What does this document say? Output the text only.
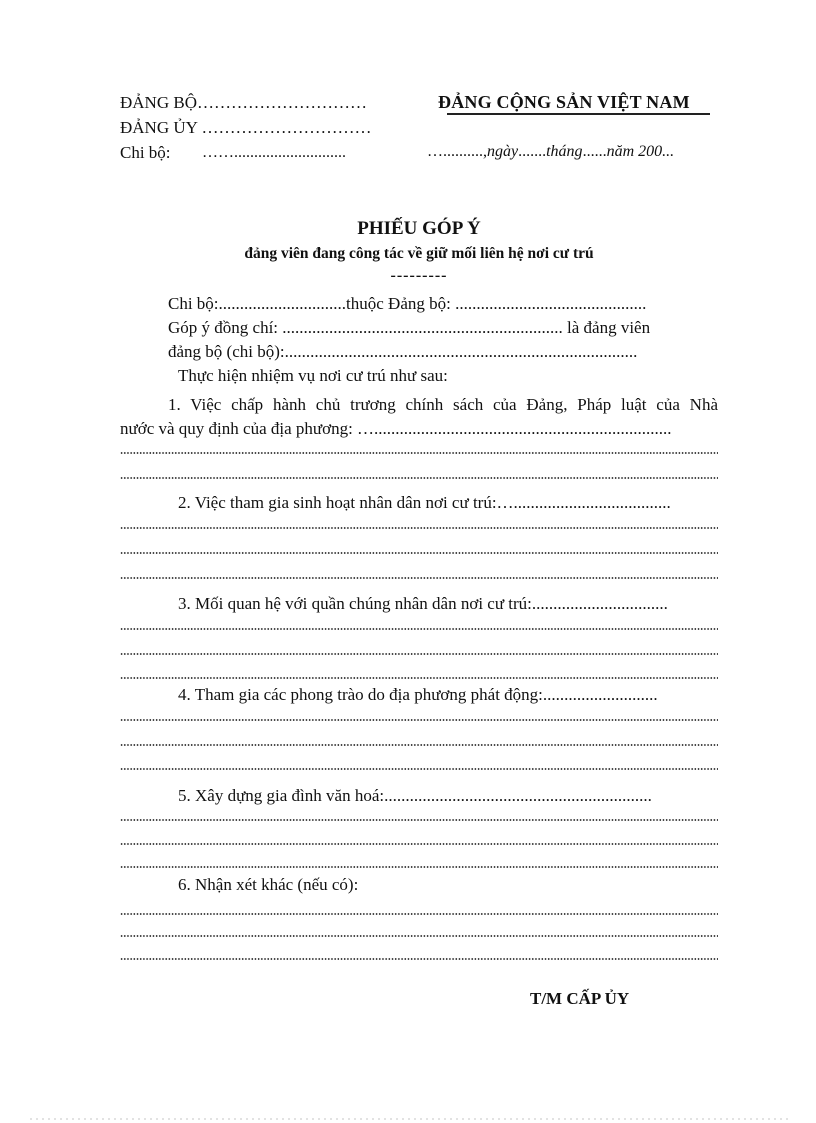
ĐẢNG BỘ…………………………
ĐẢNG ỦY …………………………
Chi bộ: ……............................
ĐẢNG CỘNG SẢN VIỆT NAM
…..........,ngày.......tháng......năm 200...
PHIẾU GÓP Ý
đảng viên đang công tác về giữ mối liên hệ nơi cư trú
---------
Chi bộ:..............................thuộc Đảng bộ: .............................................
Góp ý đồng chí: .................................................................. là đảng viên
đảng bộ (chi bộ):...................................................................................
Thực hiện nhiệm vụ nơi cư trú như sau:
1. Việc chấp hành chủ trương chính sách của Đảng, Pháp luật của Nhà
nước và quy định của địa phương: …......................................................................
2. Việc tham gia sinh hoạt nhân dân nơi cư trú:….....................................
3. Mối quan hệ với quần chúng nhân dân nơi cư trú:................................
4. Tham gia các phong trào do địa phương phát động:...........................
5. Xây dựng gia đình văn hoá:...............................................................
6. Nhận xét khác (nếu có):
T/M CẤP ỦY
